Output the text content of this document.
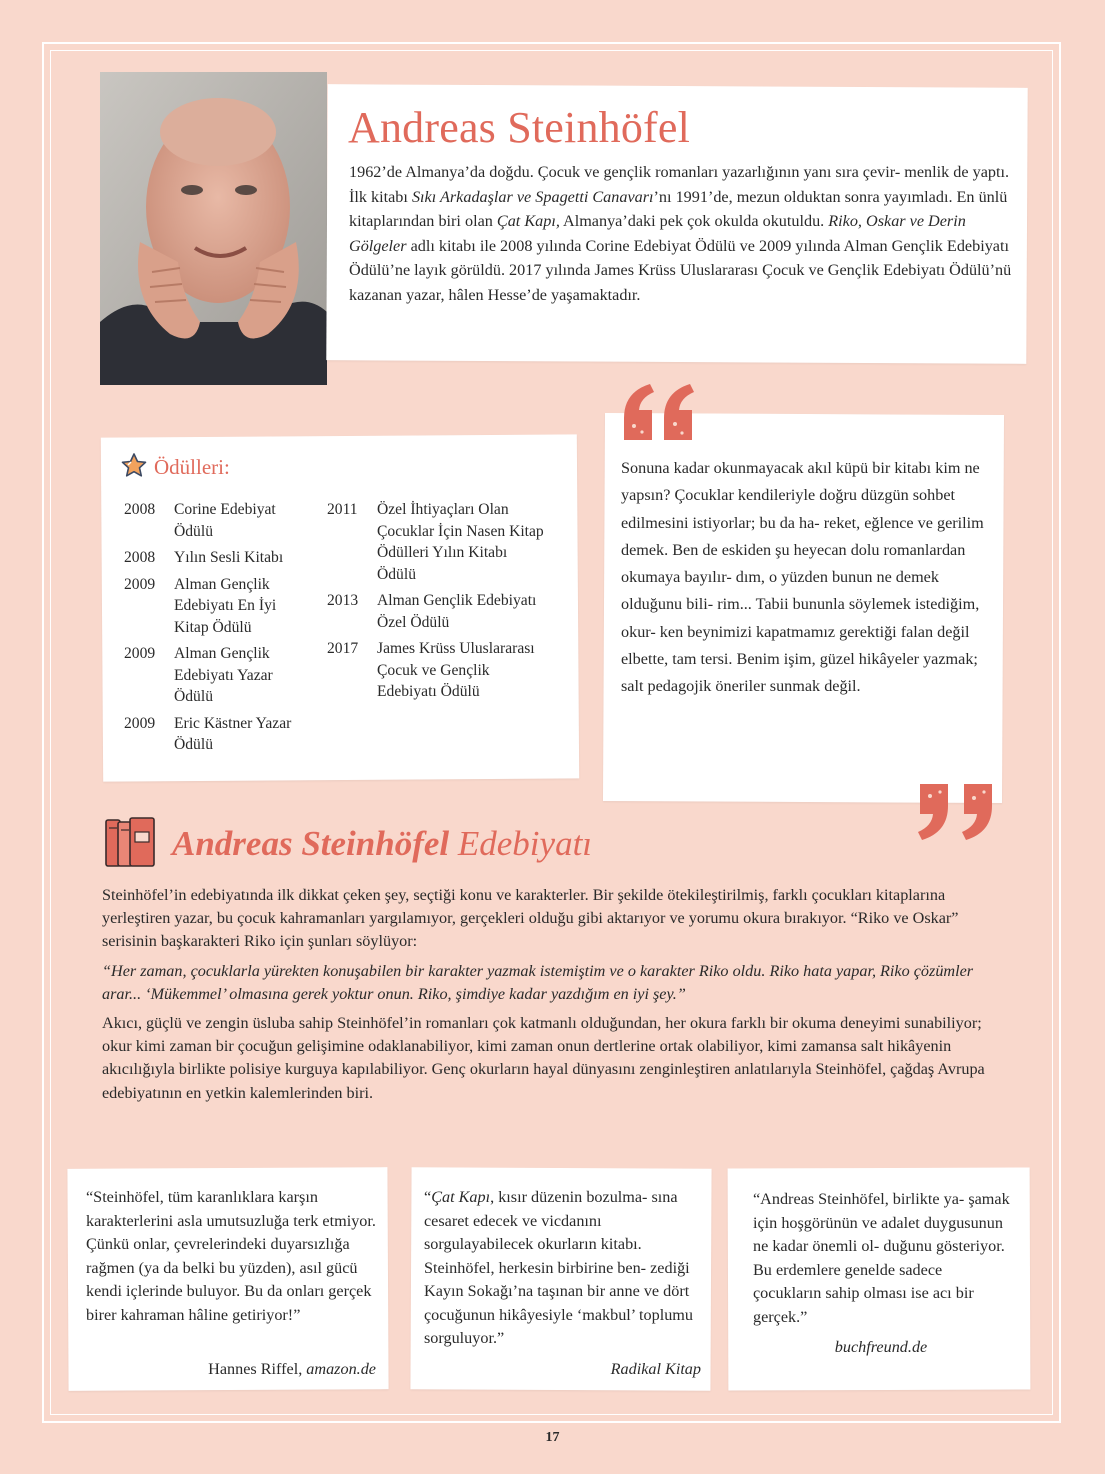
Andreas Steinhöfel
1962’de Almanya’da doğdu. Çocuk ve gençlik romanları yazarlığının yanı sıra çevir- menlik de yaptı. İlk kitabı Sıkı Arkadaşlar ve Spagetti Canavarı’nı 1991’de, mezun olduktan sonra yayımladı. En ünlü kitaplarından biri olan Çat Kapı, Almanya’daki pek çok okulda okutuldu. Riko, Oskar ve Derin Gölgeler adlı kitabı ile 2008 yılında Corine Edebiyat Ödülü ve 2009 yılında Alman Gençlik Edebiyatı Ödülü’ne layık görüldü. 2017 yılında James Krüss Uluslararası Çocuk ve Gençlik Edebiyatı Ödülü’nü kazanan yazar, hâlen Hesse’de yaşamaktadır.
Ödülleri:
2008	Corine Edebiyat Ödülü
2008	Yılın Sesli Kitabı
2009	Alman Gençlik Edebiyatı En İyi Kitap Ödülü
2009	Alman Gençlik Edebiyatı Yazar Ödülü
2009	Eric Kästner Yazar Ödülü
2011	Özel İhtiyaçları Olan Çocuklar İçin Nasen Kitap Ödülleri Yılın Kitabı Ödülü
2013	Alman Gençlik Edebiyatı Özel Ödülü
2017	James Krüss Uluslararası Çocuk ve Gençlik Edebiyatı Ödülü
Sonuna kadar okunmayacak akıl küpü bir kitabı kim ne yapsın? Çocuklar kendileriyle doğru düzgün sohbet edilmesini istiyorlar; bu da ha- reket, eğlence ve gerilim demek. Ben de eskiden şu heyecan dolu romanlardan okumaya bayılır- dım, o yüzden bunun ne demek olduğunu bili- rim... Tabii bununla söylemek istediğim, okur- ken beynimizi kapatmamız gerektiği falan değil elbette, tam tersi. Benim işim, güzel hikâyeler yazmak; salt pedagojik öneriler sunmak değil.
Andreas Steinhöfel Edebiyatı

Steinhöfel’in edebiyatında ilk dikkat çeken şey, seçtiği konu ve karakterler. Bir şekilde ötekileştirilmiş, farklı çocukları kitaplarına yerleştiren yazar, bu çocuk kahramanları yargılamıyor, gerçekleri olduğu gibi aktarıyor ve yorumu okura bırakıyor. “Riko ve Oskar” serisinin başkarakteri Riko için şunları söylüyor:

“Her zaman, çocuklarla yürekten konuşabilen bir karakter yazmak istemiştim ve o karakter Riko oldu. Riko hata yapar, Riko çözümler arar... ‘Mükemmel’ olmasına gerek yoktur onun. Riko, şimdiye kadar yazdığım en iyi şey.”

Akıcı, güçlü ve zengin üsluba sahip Steinhöfel’in romanları çok katmanlı olduğundan, her okura farklı bir okuma deneyimi sunabiliyor; okur kimi zaman bir çocuğun gelişimine odaklanabiliyor, kimi zaman onun dertlerine ortak olabiliyor, kimi zamansa salt hikâyenin akıcılığıyla birlikte polisiye kurguya kapılabiliyor. Genç okurların hayal dünyasını zenginleştiren anlatılarıyla Steinhöfel, çağdaş Avrupa edebiyatının en yetkin kalemlerinden biri.

“Steinhöfel, tüm karanlıklara karşın karakterlerini asla umutsuzluğa terk etmiyor. Çünkü onlar, çevrelerindeki duyarsızlığa rağmen (ya da belki bu yüzden), asıl gücü kendi içlerinde buluyor. Bu da onları gerçek birer kahraman hâline getiriyor!”
Hannes Riffel, amazon.de
“Çat Kapı, kısır düzenin bozulma- sına cesaret edecek ve vicdanını sorgulayabilecek okurların kitabı. Steinhöfel, herkesin birbirine ben- zediği Kayın Sokağı’na taşınan bir anne ve dört çocuğunun hikâyesiyle ‘makbul’ toplumu sorguluyor.”
Radikal Kitap
“Andreas Steinhöfel, birlikte ya- şamak için hoşgörünün ve adalet duygusunun ne kadar önemli ol- duğunu gösteriyor. Bu erdemlere genelde sadece çocukların sahip olması ise acı bir gerçek.”
buchfreund.de
17
